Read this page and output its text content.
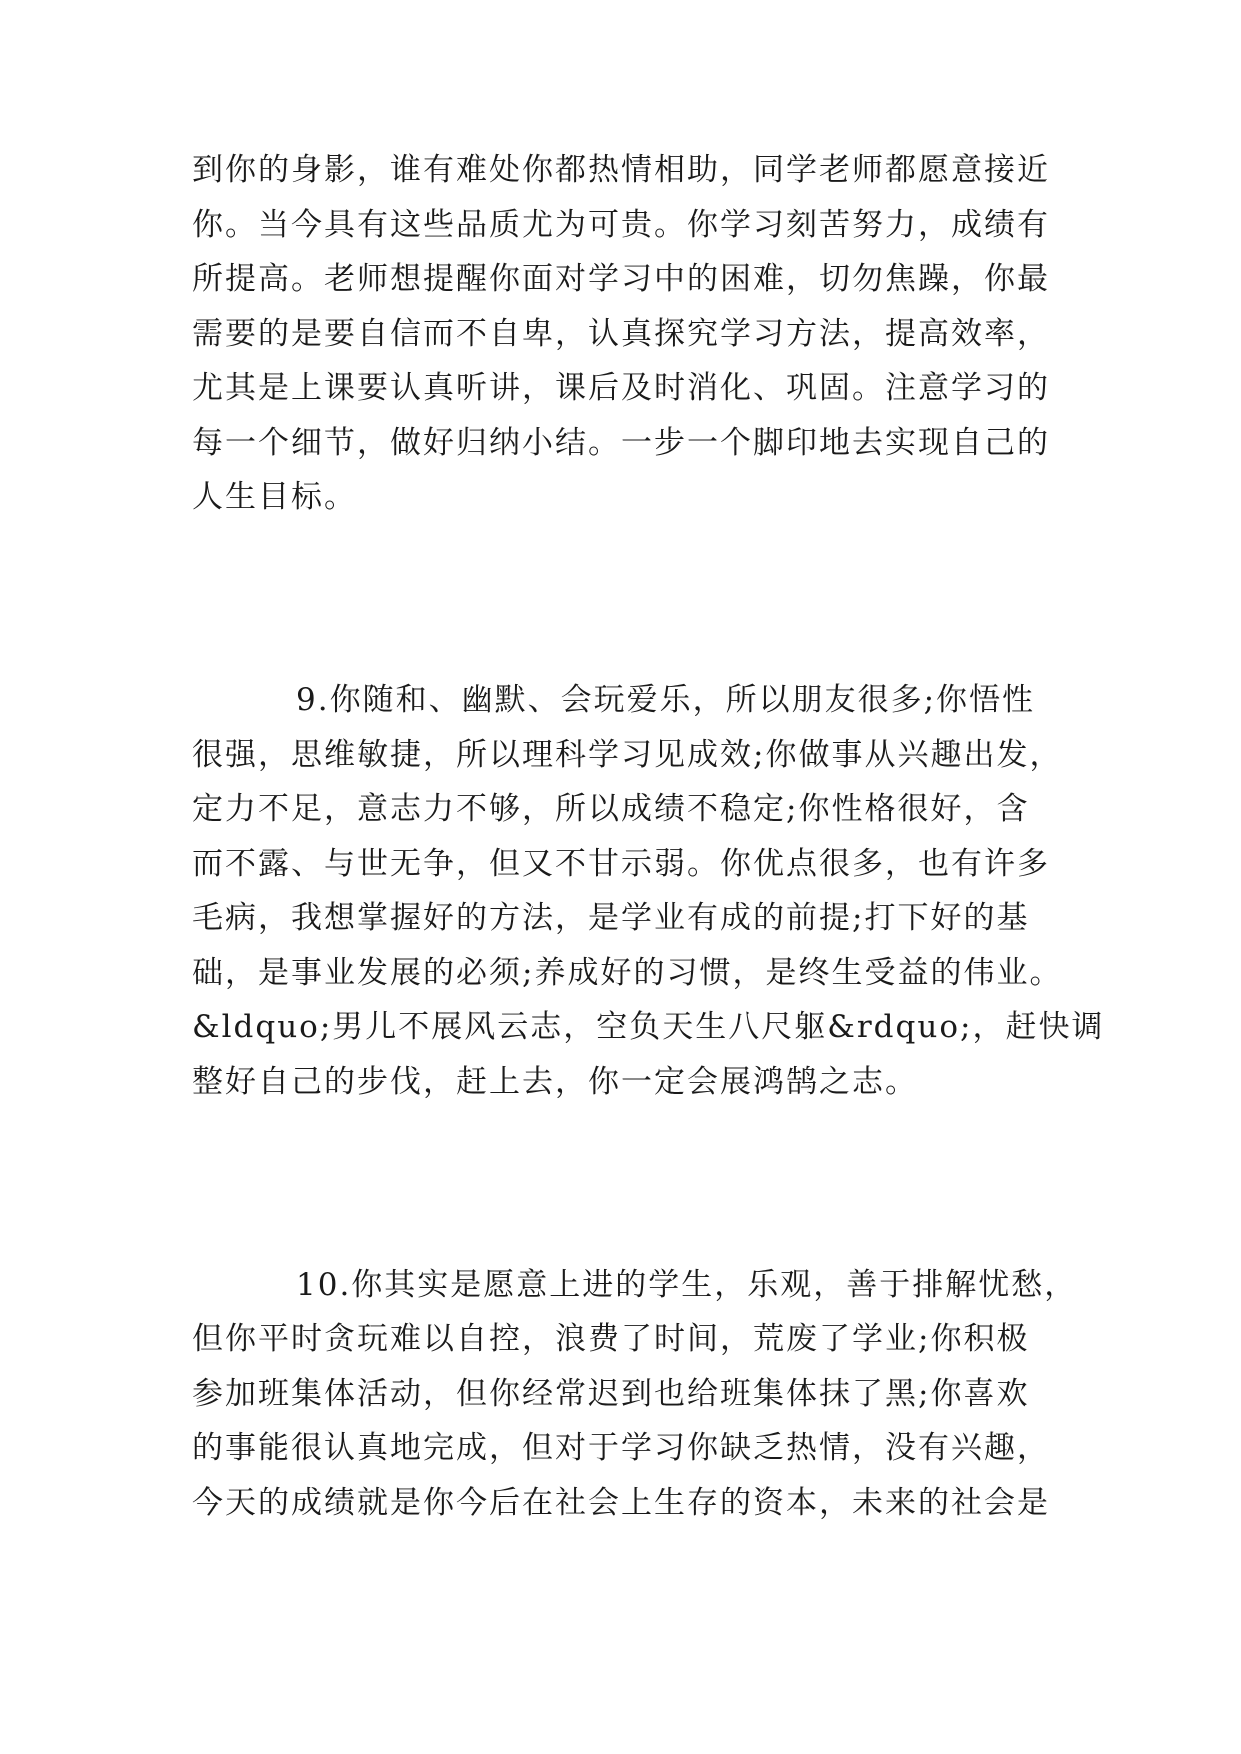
到你的身影，谁有难处你都热情相助，同学老师都愿意接近
你。当今具有这些品质尤为可贵。你学习刻苦努力，成绩有
所提高。老师想提醒你面对学习中的困难，切勿焦躁，你最
需要的是要自信而不自卑，认真探究学习方法，提高效率，
尤其是上课要认真听讲，课后及时消化、巩固。注意学习的
每一个细节，做好归纳小结。一步一个脚印地去实现自己的
人生目标。
9.你随和、幽默、会玩爱乐，所以朋友很多;你悟性
很强，思维敏捷，所以理科学习见成效;你做事从兴趣出发，
定力不足，意志力不够，所以成绩不稳定;你性格很好，含
而不露、与世无争，但又不甘示弱。你优点很多，也有许多
毛病，我想掌握好的方法，是学业有成的前提;打下好的基
础，是事业发展的必须;养成好的习惯，是终生受益的伟业。
&ldquo;男儿不展风云志，空负天生八尺躯&rdquo;，赶快调
整好自己的步伐，赶上去，你一定会展鸿鹄之志。
10.你其实是愿意上进的学生，乐观，善于排解忧愁，
但你平时贪玩难以自控，浪费了时间，荒废了学业;你积极
参加班集体活动，但你经常迟到也给班集体抹了黑;你喜欢
的事能很认真地完成，但对于学习你缺乏热情，没有兴趣，
今天的成绩就是你今后在社会上生存的资本，未来的社会是
